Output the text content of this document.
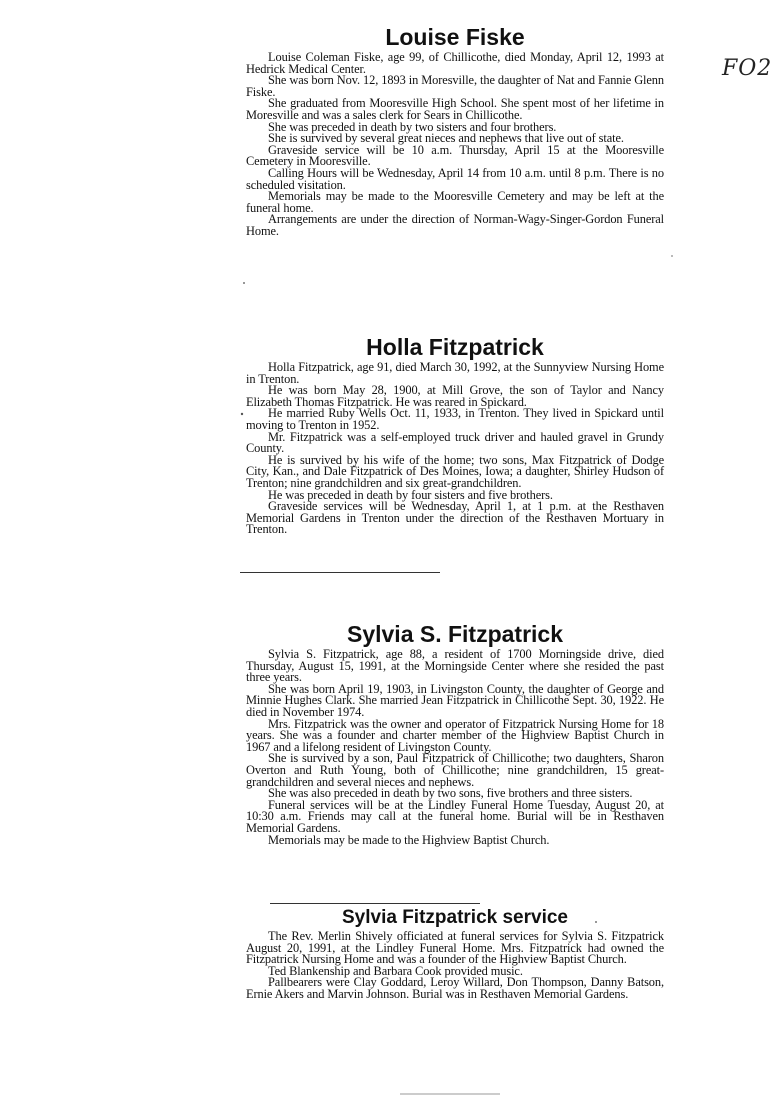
FO2
Louise Fiske

Louise Coleman Fiske, age 99, of Chillicothe, died Monday, April 12, 1993 at Hedrick Medical Center.

She was born Nov. 12, 1893 in Moresville, the daughter of Nat and Fannie Glenn Fiske.

She graduated from Mooresville High School. She spent most of her lifetime in Moresville and was a sales clerk for Sears in Chillicothe.

She was preceded in death by two sisters and four brothers.

She is survived by several great nieces and nephews that live out of state.

Graveside service will be 10 a.m. Thursday, April 15 at the Mooresville Cemetery in Mooresville.

Calling Hours will be Wednesday, April 14 from 10 a.m. until 8 p.m. There is no scheduled visitation.

Memorials may be made to the Mooresville Cemetery and may be left at the funeral home.

Arrangements are under the direction of Norman-Wagy-Singer-Gordon Funeral Home.

Holla Fitzpatrick

Holla Fitzpatrick, age 91, died March 30, 1992, at the Sunnyview Nursing Home in Trenton.

He was born May 28, 1900, at Mill Grove, the son of Taylor and Nancy Elizabeth Thomas Fitzpatrick. He was reared in Spickard.

He married Ruby Wells Oct. 11, 1933, in Trenton. They lived in Spickard until moving to Trenton in 1952.

Mr. Fitzpatrick was a self-employed truck driver and hauled gravel in Grundy County.

He is survived by his wife of the home; two sons, Max Fitzpatrick of Dodge City, Kan., and Dale Fitzpatrick of Des Moines, Iowa; a daughter, Shirley Hudson of Trenton; nine grandchildren and six great-grandchildren.

He was preceded in death by four sisters and five brothers.

Graveside services will be Wednesday, April 1, at 1 p.m. at the Resthaven Memorial Gardens in Trenton under the direction of the Resthaven Mortuary in Trenton.

Sylvia S. Fitzpatrick

Sylvia S. Fitzpatrick, age 88, a resident of 1700 Morningside drive, died Thursday, August 15, 1991, at the Morningside Center where she resided the past three years.

She was born April 19, 1903, in Livingston County, the daughter of George and Minnie Hughes Clark. She married Jean Fitzpatrick in Chillicothe Sept. 30, 1922. He died in November 1974.

Mrs. Fitzpatrick was the owner and operator of Fitzpatrick Nursing Home for 18 years. She was a founder and charter member of the Highview Baptist Church in 1967 and a lifelong resident of Livingston County.

She is survived by a son, Paul Fitzpatrick of Chillicothe; two daughters, Sharon Overton and Ruth Young, both of Chillicothe; nine grandchildren, 15 great-grandchildren and several nieces and nephews.

She was also preceded in death by two sons, five brothers and three sisters.

Funeral services will be at the Lindley Funeral Home Tuesday, August 20, at 10:30 a.m. Friends may call at the funeral home. Burial will be in Resthaven Memorial Gardens.

Memorials may be made to the Highview Baptist Church.

Sylvia Fitzpatrick service

The Rev. Merlin Shively officiated at funeral services for Sylvia S. Fitzpatrick August 20, 1991, at the Lindley Funeral Home. Mrs. Fitzpatrick had owned the Fitzpatrick Nursing Home and was a founder of the Highview Baptist Church.

Ted Blankenship and Barbara Cook provided music.

Pallbearers were Clay Goddard, Leroy Willard, Don Thompson, Danny Batson, Ernie Akers and Marvin Johnson. Burial was in Resthaven Memorial Gardens.
